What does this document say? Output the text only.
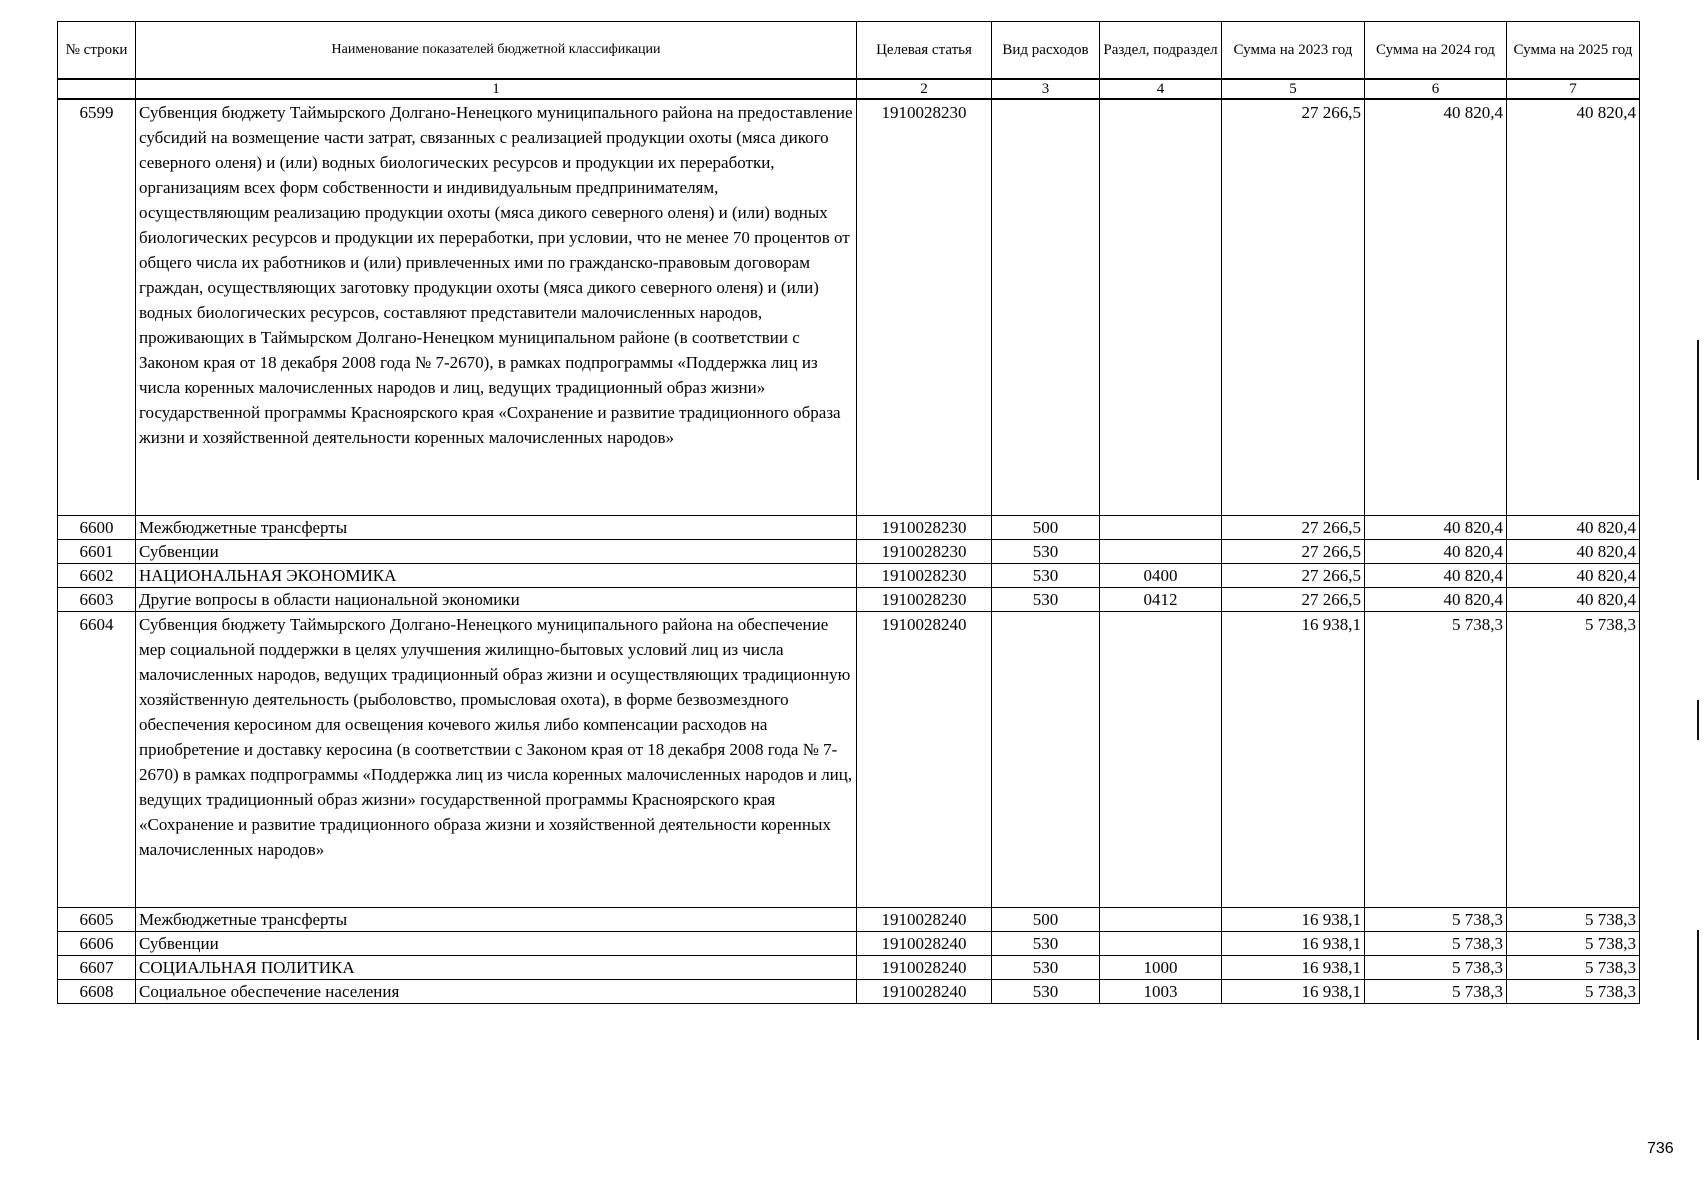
№ строки	Наименование показателей бюджетной классификации	Целевая статья	Вид расходов	Раздел, подраздел	Сумма на 2023 год	Сумма на 2024 год	Сумма на 2025 год
	1	2	3	4	5	6	7
6599	Субвенция бюджету Таймырского Долгано-Ненецкого муниципального района на предоставление субсидий на возмещение части затрат, связанных с реализацией продукции охоты (мяса дикого северного оленя) и (или) водных биологических ресурсов и продукции их переработки, организациям всех форм собственности и индивидуальным предпринимателям, осуществляющим реализацию продукции охоты (мяса дикого северного оленя) и (или) водных биологических ресурсов и продукции их переработки, при условии, что не менее 70 процентов от общего числа их работников и (или) привлеченных ими по гражданско-правовым договорам граждан, осуществляющих заготовку продукции охоты (мяса дикого северного оленя) и (или) водных биологических ресурсов, составляют представители малочисленных народов, проживающих в Таймырском Долгано-Ненецком муниципальном районе (в соответствии с Законом края от 18 декабря 2008 года № 7-2670), в рамках подпрограммы «Поддержка лиц из числа коренных малочисленных народов и лиц, ведущих традиционный образ жизни» государственной программы Красноярского края «Сохранение и развитие традиционного образа жизни и хозяйственной деятельности коренных малочисленных народов»	1910028230			27 266,5	40 820,4	40 820,4
6600	Межбюджетные трансферты	1910028230	500		27 266,5	40 820,4	40 820,4
6601	Субвенции	1910028230	530		27 266,5	40 820,4	40 820,4
6602	НАЦИОНАЛЬНАЯ ЭКОНОМИКА	1910028230	530	0400	27 266,5	40 820,4	40 820,4
6603	Другие вопросы в области национальной экономики	1910028230	530	0412	27 266,5	40 820,4	40 820,4
6604	Субвенция бюджету Таймырского Долгано-Ненецкого муниципального района на обеспечение мер социальной поддержки в целях улучшения жилищно-бытовых условий лиц из числа малочисленных народов, ведущих традиционный образ жизни и осуществляющих традиционную хозяйственную деятельность (рыболовство, промысловая охота), в форме безвозмездного обеспечения керосином для освещения кочевого жилья либо компенсации расходов на приобретение и доставку керосина (в соответствии с Законом края от 18 декабря 2008 года № 7-2670) в рамках подпрограммы «Поддержка лиц из числа коренных малочисленных народов и лиц, ведущих традиционный образ жизни» государственной программы Красноярского края «Сохранение и развитие традиционного образа жизни и хозяйственной деятельности коренных малочисленных народов»	1910028240			16 938,1	5 738,3	5 738,3
6605	Межбюджетные трансферты	1910028240	500		16 938,1	5 738,3	5 738,3
6606	Субвенции	1910028240	530		16 938,1	5 738,3	5 738,3
6607	СОЦИАЛЬНАЯ ПОЛИТИКА	1910028240	530	1000	16 938,1	5 738,3	5 738,3
6608	Социальное обеспечение населения	1910028240	530	1003	16 938,1	5 738,3	5 738,3
736
